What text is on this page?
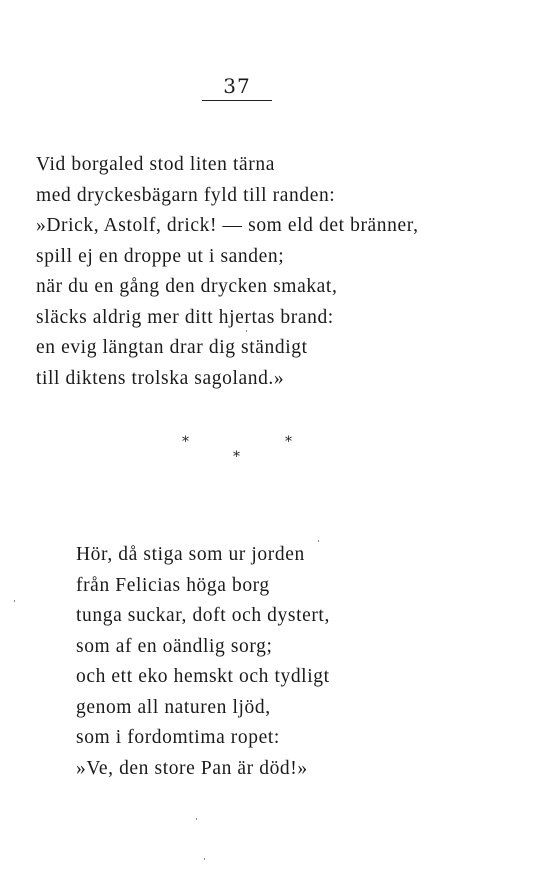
37
Vid borgaled stod liten tärna
med dryckesbägarn fyld till randen:
»Drick, Astolf, drick! — som eld det bränner,
spill ej en droppe ut i sanden;
när du en gång den drycken smakat,
släcks aldrig mer ditt hjertas brand:
en evig längtan drar dig ständigt
till diktens trolska sagoland.»
*	*
*
Hör, då stiga som ur jorden
från Felicias höga borg
tunga suckar, doft och dystert,
som af en oändlig sorg;
och ett eko hemskt och tydligt
genom all naturen ljöd,
som i fordomtima ropet:
»Ve, den store Pan är död!»
